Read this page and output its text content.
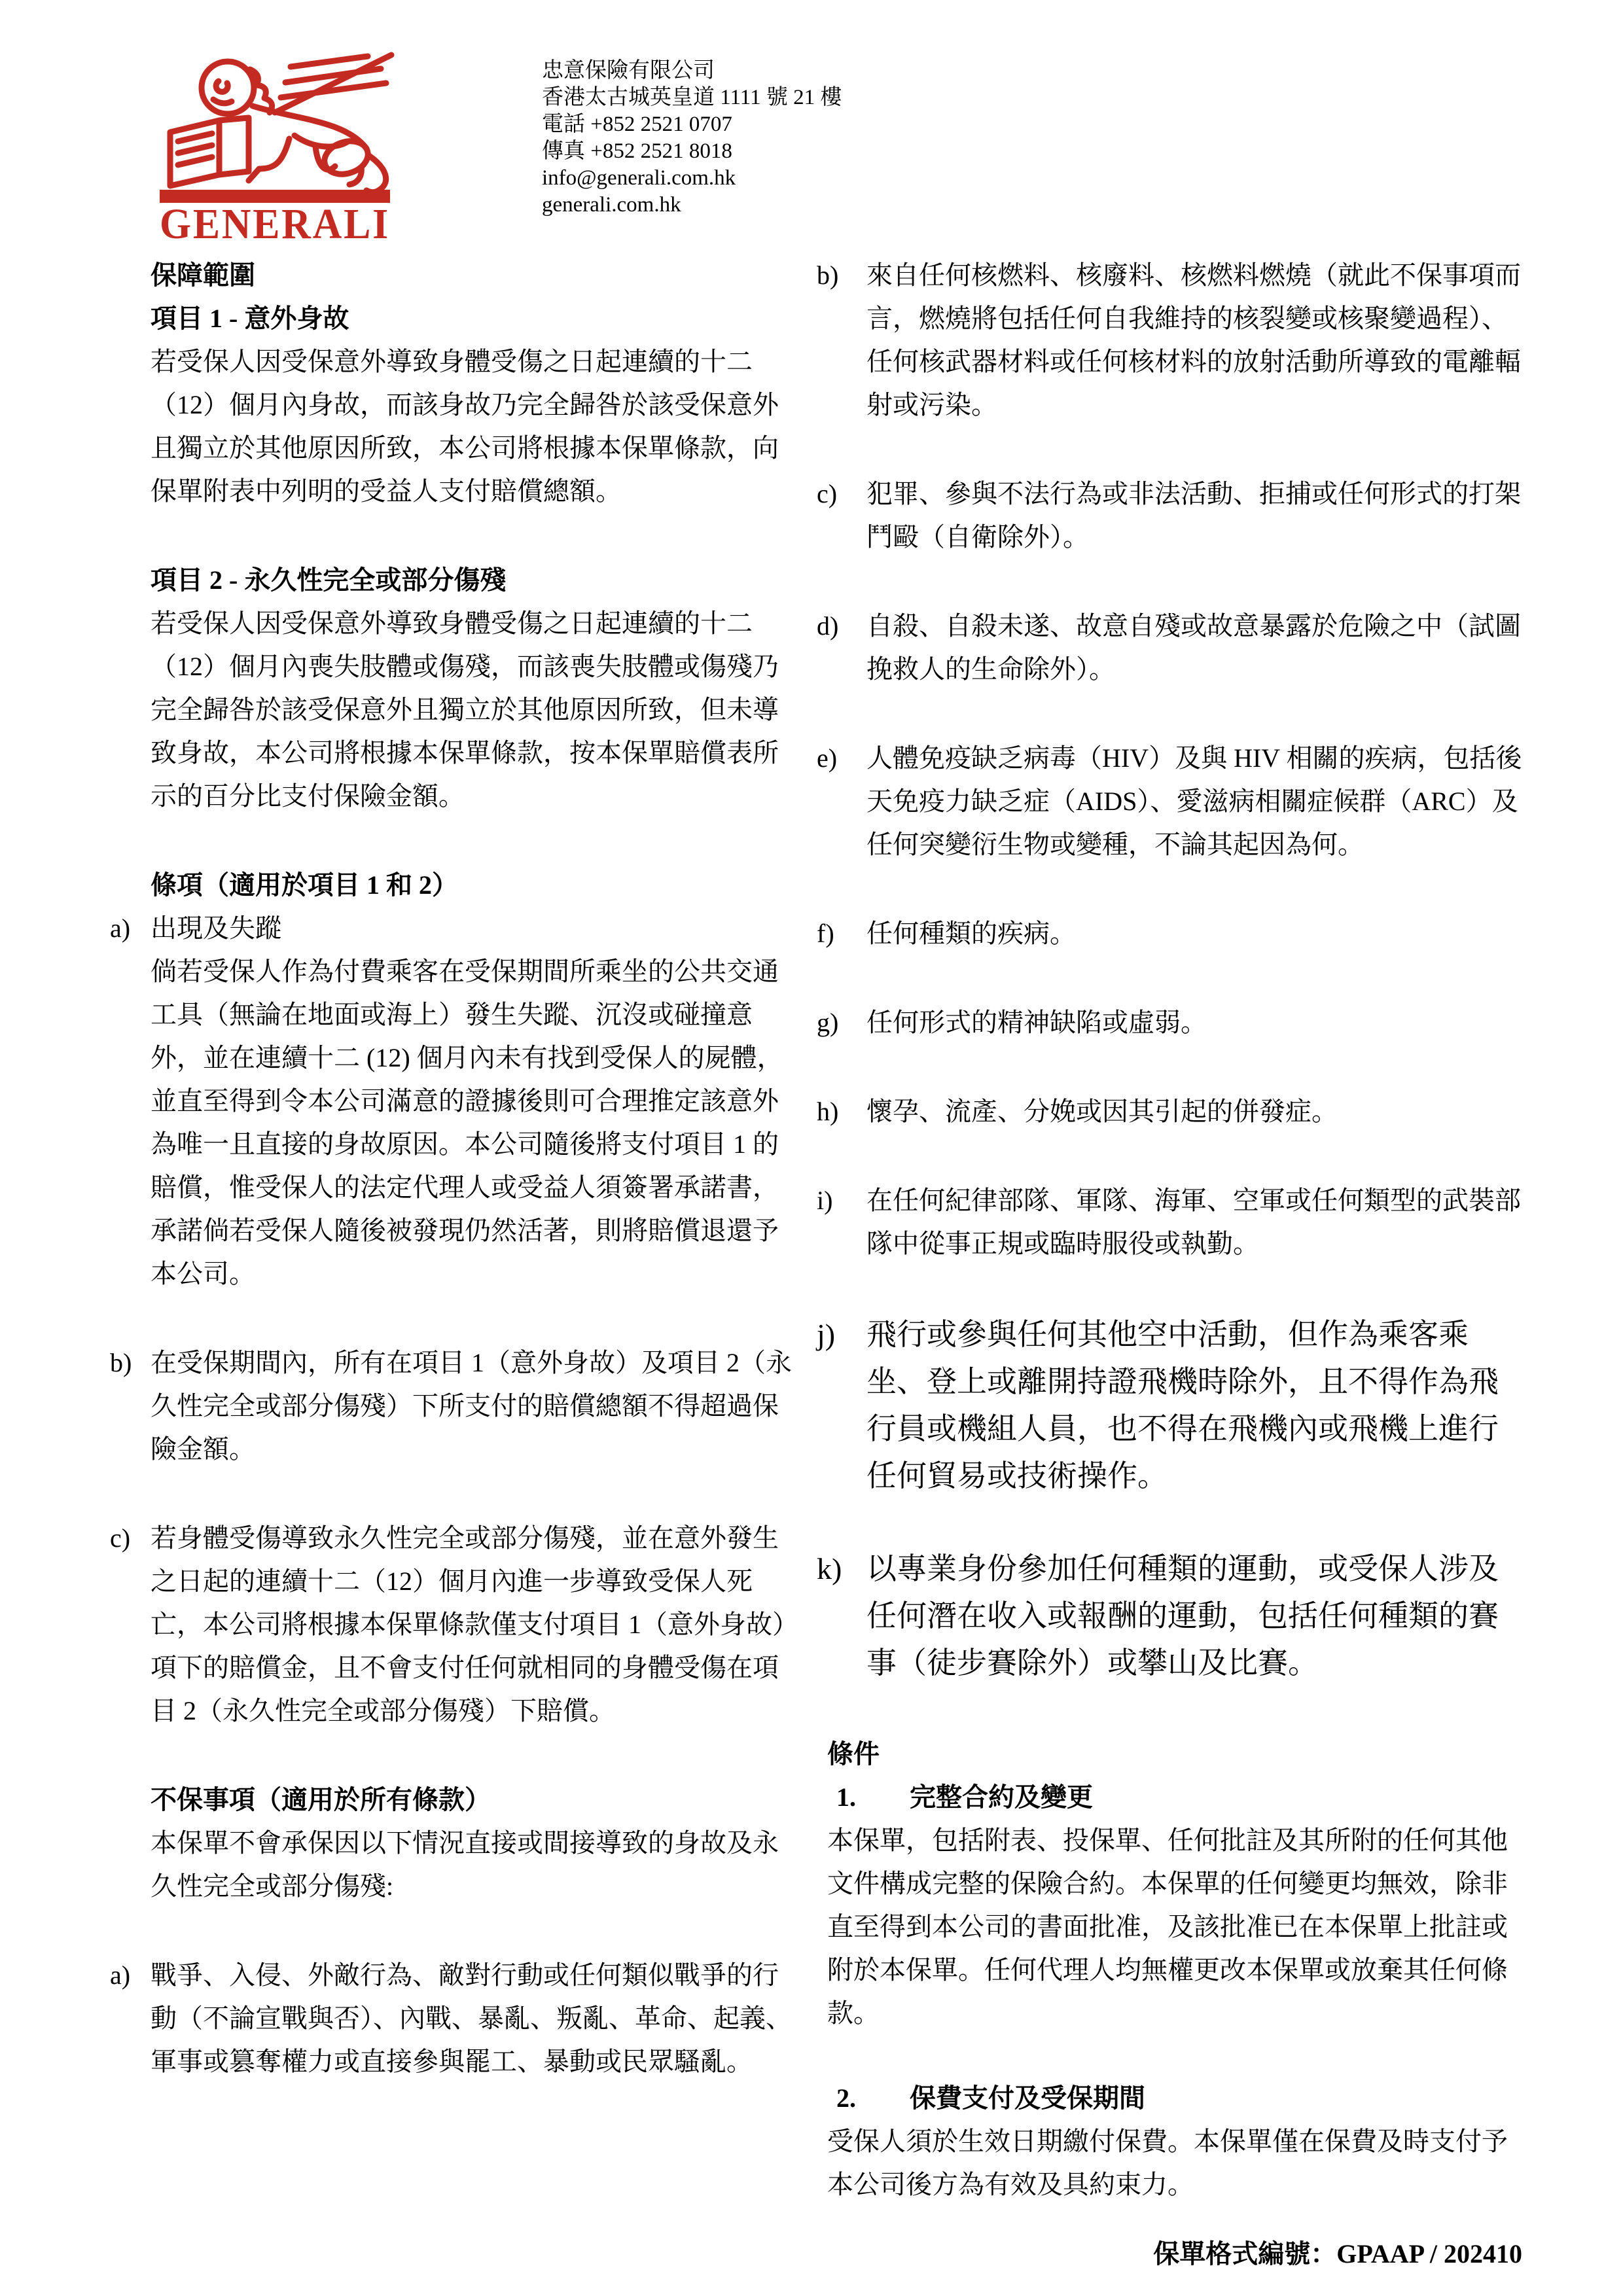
GENERALI
忠意保險有限公司
香港太古城英皇道 1111 號 21 樓
電話 +852 2521 0707
傳真 +852 2521 8018
info@generali.com.hk
generali.com.hk
保障範圍
項目 1 - 意外身故

若受保人因受保意外導致身體受傷之日起連續的十二（12）個月內身故，而該身故乃完全歸咎於該受保意外且獨立於其他原因所致，本公司將根據本保單條款，向保單附表中列明的受益人支付賠償總額。

項目 2 - 永久性完全或部分傷殘

若受保人因受保意外導致身體受傷之日起連續的十二（12）個月內喪失肢體或傷殘，而該喪失肢體或傷殘乃完全歸咎於該受保意外且獨立於其他原因所致，但未導致身故，本公司將根據本保單條款，按本保單賠償表所示的百分比支付保險金額。

條項（適用於項目 1 和 2）
a) 出現及失蹤
倘若受保人作為付費乘客在受保期間所乘坐的公共交通工具（無論在地面或海上）發生失蹤、沉沒或碰撞意外，並在連續十二 (12) 個月內未有找到受保人的屍體，並直至得到令本公司滿意的證據後則可合理推定該意外為唯一且直接的身故原因。本公司隨後將支付項目 1 的賠償，惟受保人的法定代理人或受益人須簽署承諾書，承諾倘若受保人隨後被發現仍然活著，則將賠償退還予本公司。
b) 在受保期間內，所有在項目 1（意外身故）及項目 2（永久性完全或部分傷殘）下所支付的賠償總額不得超過保險金額。
c) 若身體受傷導致永久性完全或部分傷殘，並在意外發生之日起的連續十二（12）個月內進一步導致受保人死亡，本公司將根據本保單條款僅支付項目 1（意外身故）項下的賠償金，且不會支付任何就相同的身體受傷在項目 2（永久性完全或部分傷殘）下賠償。
不保事項（適用於所有條款）

本保單不會承保因以下情況直接或間接導致的身故及永久性完全或部分傷殘:

a) 戰爭、入侵、外敵行為、敵對行動或任何類似戰爭的行動（不論宣戰與否）、內戰、暴亂、叛亂、革命、起義、軍事或篡奪權力或直接參與罷工、暴動或民眾騷亂。
b)	來自任何核燃料、核廢料、核燃料燃燒（就此不保事項而言，燃燒將包括任何自我維持的核裂變或核聚變過程）、任何核武器材料或任何核材料的放射活動所導致的電離輻射或污染。
c)	犯罪、參與不法行為或非法活動、拒捕或任何形式的打架鬥毆（自衛除外）。
d)	自殺、自殺未遂、故意自殘或故意暴露於危險之中（試圖挽救人的生命除外）。
e)	人體免疫缺乏病毒（HIV）及與 HIV 相關的疾病，包括後天免疫力缺乏症（AIDS）、愛滋病相關症候群（ARC）及任何突變衍生物或變種，不論其起因為何。
f)	任何種類的疾病。
g)	任何形式的精神缺陷或虛弱。
h)	懷孕、流產、分娩或因其引起的併發症。
i)	在任何紀律部隊、軍隊、海軍、空軍或任何類型的武裝部隊中從事正規或臨時服役或執勤。
j)	飛行或參與任何其他空中活動，但作為乘客乘坐、登上或離開持證飛機時除外，且不得作為飛行員或機組人員，也不得在飛機內或飛機上進行任何貿易或技術操作。
k) 以專業身份參加任何種類的運動，或受保人涉及任何潛在收入或報酬的運動，包括任何種類的賽事（徒步賽除外）或攀山及比賽。
條件
1. 完整合約及變更

本保單，包括附表、投保單、任何批註及其所附的任何其他文件構成完整的保險合約。本保單的任何變更均無效，除非直至得到本公司的書面批准，及該批准已在本保單上批註或附於本保單。任何代理人均無權更改本保單或放棄其任何條款。

2. 保費支付及受保期間

受保人須於生效日期繳付保費。本保單僅在保費及時支付予本公司後方為有效及具約束力。

保單格式編號：GPAAP / 202410
